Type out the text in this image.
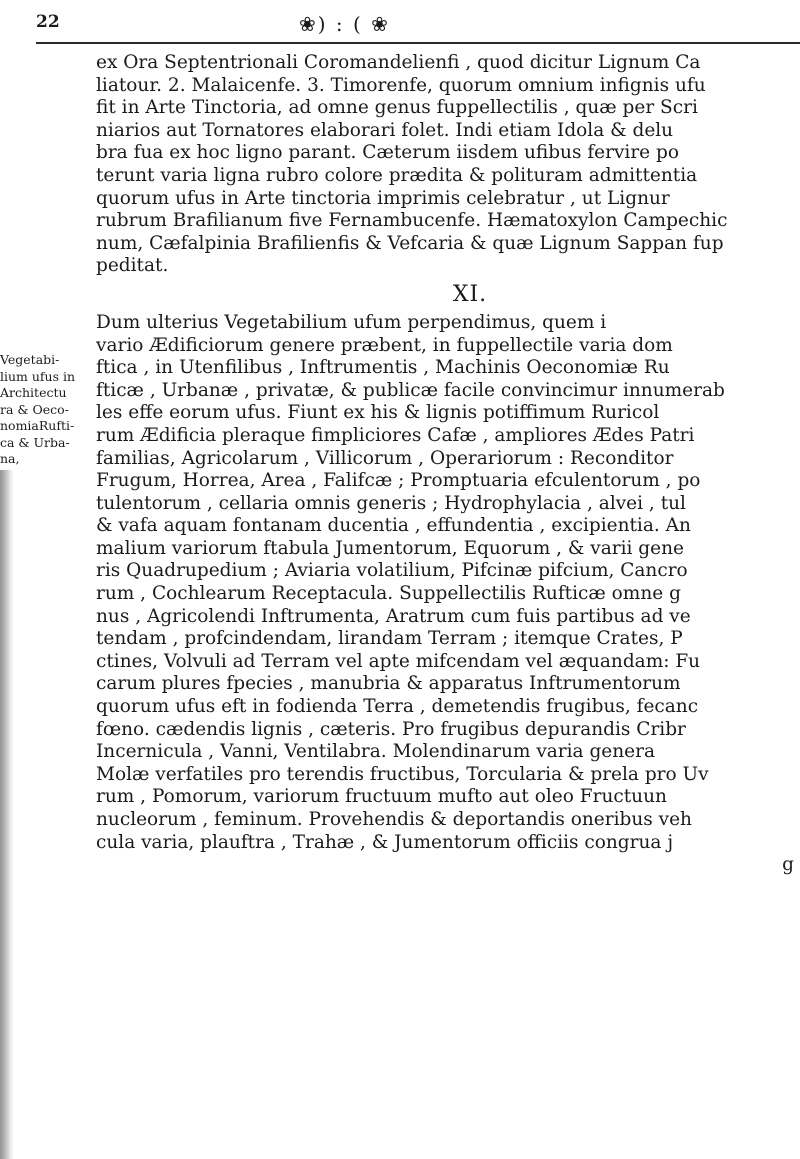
22	❀) : ( ❀
Vegetabi-
lium ufus in
Architectu
ra & Oeco-
nomiaRufti-
ca & Urba-
na,
ex Ora Septentrionali Coromandelienfi , quod dicitur Lignum Ca
liatour. 2. Malaicenfe. 3. Timorenfe, quorum omnium infignis ufu
fit in Arte Tinctoria, ad omne genus fuppellectilis , quæ per Scri
niarios aut Tornatores elaborari folet. Indi etiam Idola & delu
bra fua ex hoc ligno parant. Cæterum iisdem ufibus fervire po
terunt varia ligna rubro colore prædita & polituram admittentia
quorum ufus in Arte tinctoria imprimis celebratur , ut Lignur
rubrum Brafilianum five Fernambucenfe. Hæmatoxylon Campechic
num, Cæfalpinia Brafilienfis & Vefcaria & quæ Lignum Sappan fup
peditat.
XI.
Dum ulterius Vegetabilium ufum perpendimus, quem i
vario Ædificiorum genere præbent, in fuppellectile varia dom
ftica , in Utenfilibus , Inftrumentis , Machinis Oeconomiæ Ru
fticæ , Urbanæ , privatæ, & publicæ facile convincimur innumerab
les effe eorum ufus. Fiunt ex his & lignis potiffimum Ruricol
rum Ædificia pleraque fimpliciores Cafæ , ampliores Ædes Patri
familias, Agricolarum , Villicorum , Operariorum : Reconditor
Frugum, Horrea, Area , Falifcæ ; Promptuaria efculentorum , po
tulentorum , cellaria omnis generis ; Hydrophylacia , alvei , tul
& vafa aquam fontanam ducentia , effundentia , excipientia. An
malium variorum ftabula Jumentorum, Equorum , & varii gene
ris Quadrupedium ; Aviaria volatilium, Pifcinæ pifcium, Cancro
rum , Cochlearum Receptacula. Suppellectilis Rufticæ omne g
nus , Agricolendi Inftrumenta, Aratrum cum fuis partibus ad ve
tendam , profcindendam, lirandam Terram ; itemque Crates, P
ctines, Volvuli ad Terram vel apte mifcendam vel æquandam: Fu
carum plures fpecies , manubria & apparatus Inftrumentorum
quorum ufus eft in fodienda Terra , demetendis frugibus, fecanc
fœno. cædendis lignis , cæteris. Pro frugibus depurandis Cribr
Incernicula , Vanni, Ventilabra. Molendinarum varia genera
Molæ verfatiles pro terendis fructibus, Torcularia & prela pro Uv
rum , Pomorum, variorum fructuum mufto aut oleo Fructuun
nucleorum , feminum. Provehendis & deportandis oneribus veh
cula varia, plauftra , Trahæ , & Jumentorum officiis congrua j
g
